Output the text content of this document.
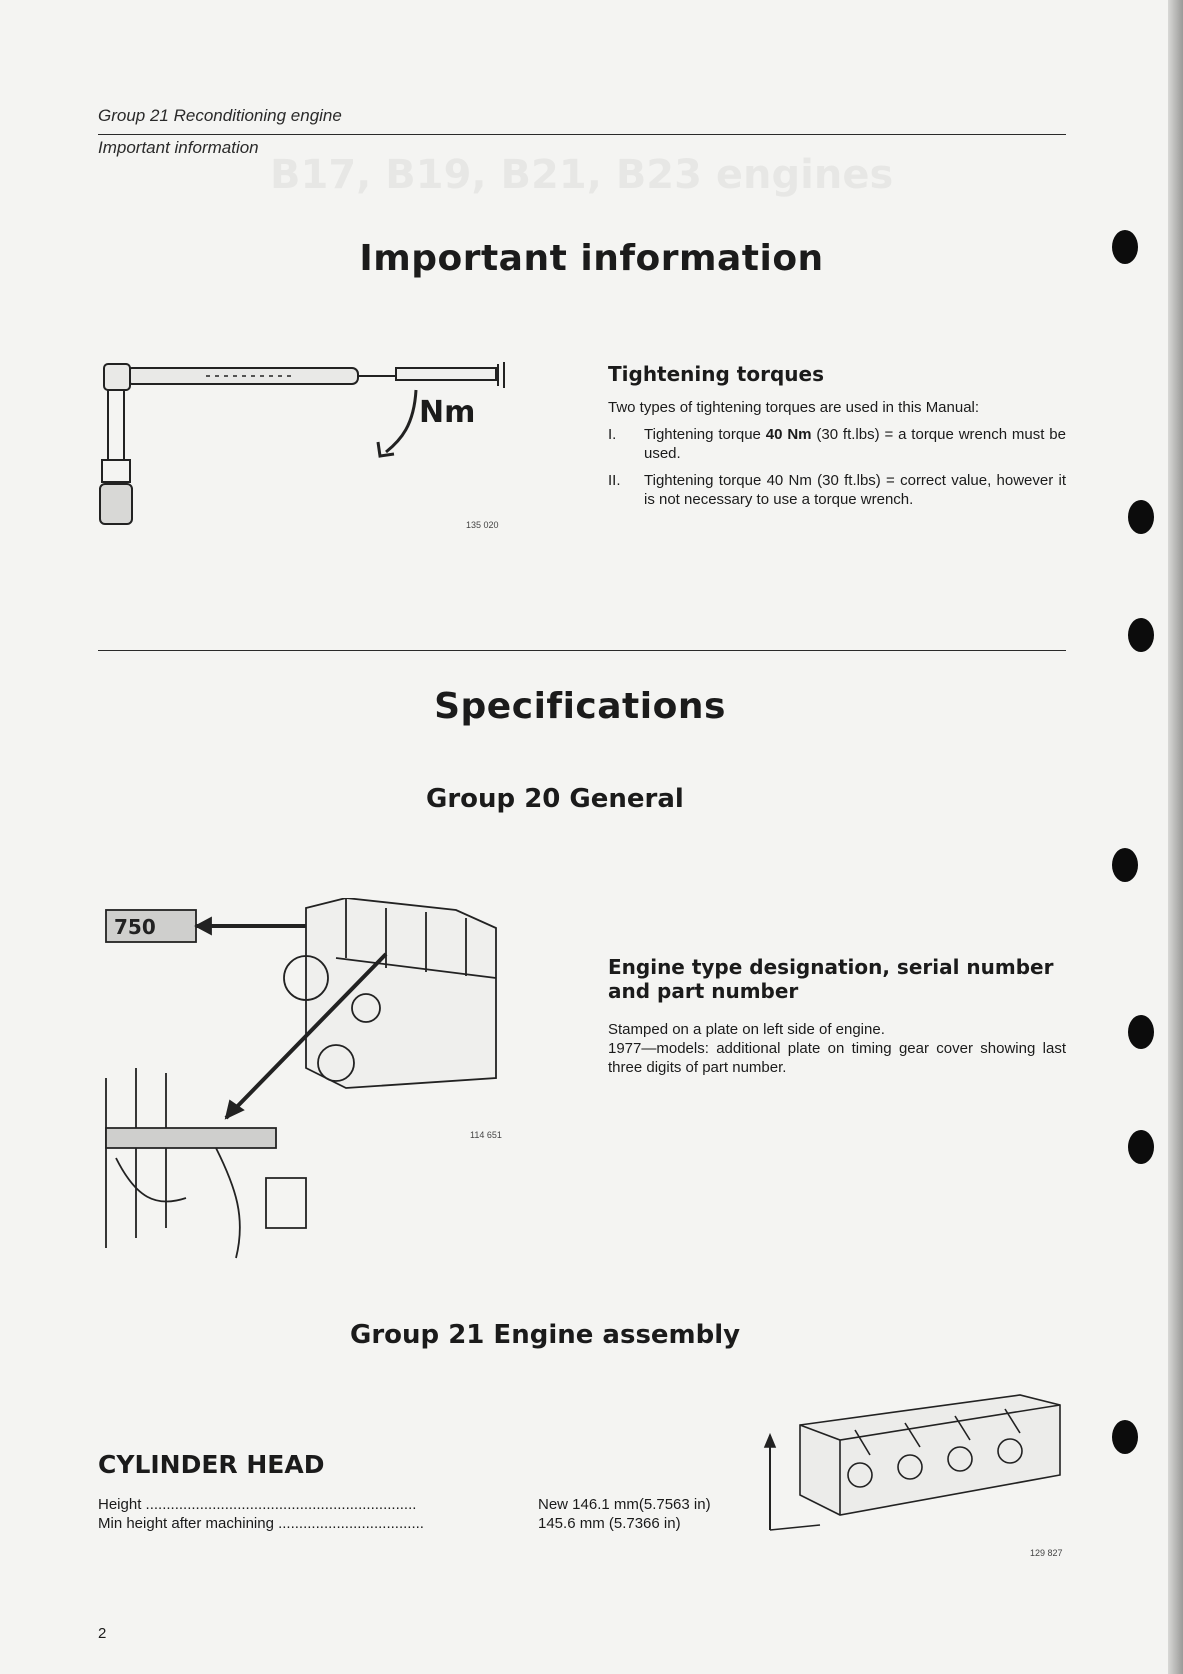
B17, B19, B21, B23 engines
Group 21 Reconditioning engine
Important information
Important information
Nm
135 020
Tightening torques
Two types of tightening torques are used in this Manual:
I.	Tightening torque 40 Nm (30 ft.lbs) = a torque wrench must be used.
II.	Tightening torque 40 Nm (30 ft.lbs) = correct value, however it is not necessary to use a torque wrench.
Specifications
Group 20 General
750
114 651
Engine type designation, serial number and part number
Stamped on a plate on left side of engine.
1977—models: additional plate on timing gear cover showing last three digits of part number.
Group 21 Engine assembly
CYLINDER HEAD
Height .................................................................	New 146.1 mm(5.7563 in)
Min height after machining ...................................	145.6 mm (5.7366 in)
129 827
2
